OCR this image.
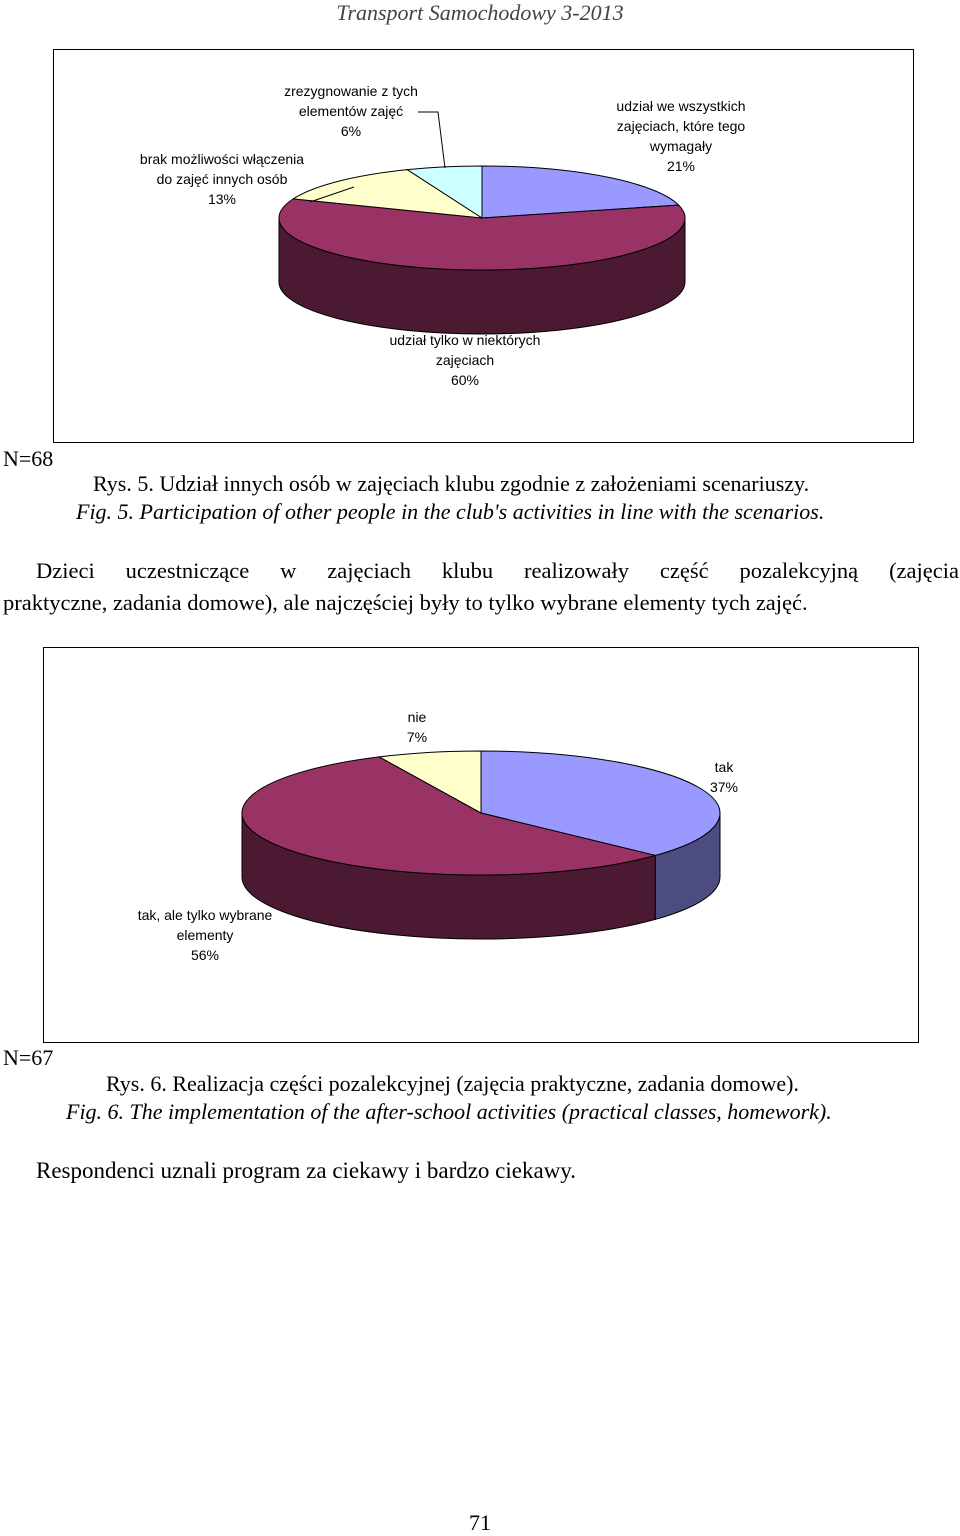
Transport Samochodowy 3-2013
udział we wszystkich zajęciach, które tego wymagały 21%
udział tylko w niektórych zajęciach 60%
brak możliwości włączenia do zajęć innych osób 13%
zrezygnowanie z tych elementów zajęć 6%
N=68
Rys. 5. Udział innych osób w zajęciach klubu zgodnie z założeniami scenariuszy.
Fig. 5. Participation of other people in the club's activities in line with the scenarios.
Dzieci uczestniczące w zajęciach klubu realizowały część pozalekcyjną (zajęcia
praktyczne, zadania domowe), ale najczęściej były to tylko wybrane elementy tych zajęć.
tak 37%
tak, ale tylko wybrane elementy 56%
nie 7%
N=67
Rys. 6. Realizacja części pozalekcyjnej (zajęcia praktyczne, zadania domowe).
Fig. 6. The implementation of the after-school activities (practical classes, homework).
Respondenci uznali program za ciekawy i bardzo ciekawy.
71
